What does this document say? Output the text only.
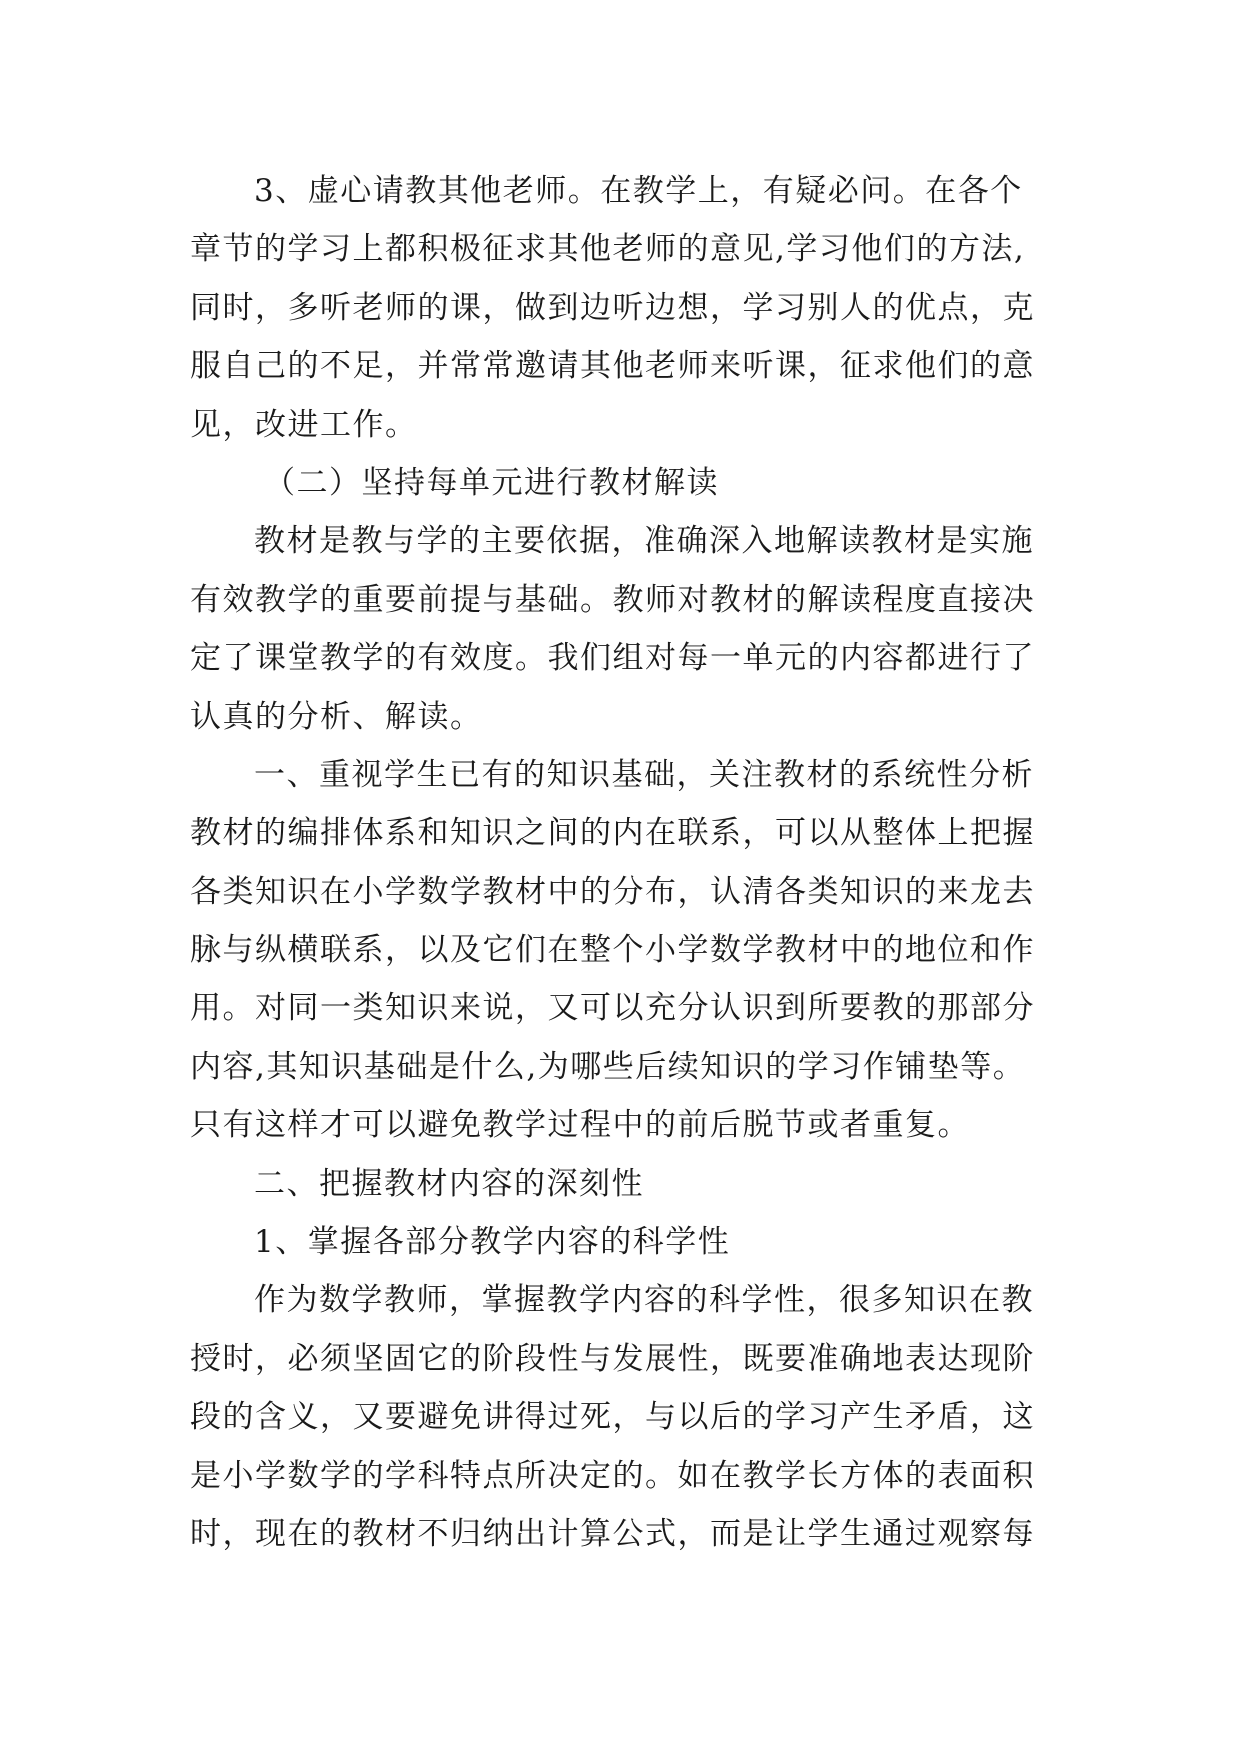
3、虚心请教其他老师。在教学上，有疑必问。在各个
章节的学习上都积极征求其他老师的意见,学习他们的方法,
同时，多听老师的课，做到边听边想，学习别人的优点，克
服自己的不足，并常常邀请其他老师来听课，征求他们的意
见，改进工作。
（二）坚持每单元进行教材解读
教材是教与学的主要依据，准确深入地解读教材是实施
有效教学的重要前提与基础。教师对教材的解读程度直接决
定了课堂教学的有效度。我们组对每一单元的内容都进行了
认真的分析、解读。
一、重视学生已有的知识基础，关注教材的系统性分析
教材的编排体系和知识之间的内在联系，可以从整体上把握
各类知识在小学数学教材中的分布，认清各类知识的来龙去
脉与纵横联系，以及它们在整个小学数学教材中的地位和作
用。对同一类知识来说，又可以充分认识到所要教的那部分
内容,其知识基础是什么,为哪些后续知识的学习作铺垫等。
只有这样才可以避免教学过程中的前后脱节或者重复。
二、把握教材内容的深刻性
1、掌握各部分教学内容的科学性
作为数学教师，掌握教学内容的科学性，很多知识在教
授时，必须坚固它的阶段性与发展性，既要准确地表达现阶
段的含义，又要避免讲得过死，与以后的学习产生矛盾，这
是小学数学的学科特点所决定的。如在教学长方体的表面积
时，现在的教材不归纳出计算公式，而是让学生通过观察每
